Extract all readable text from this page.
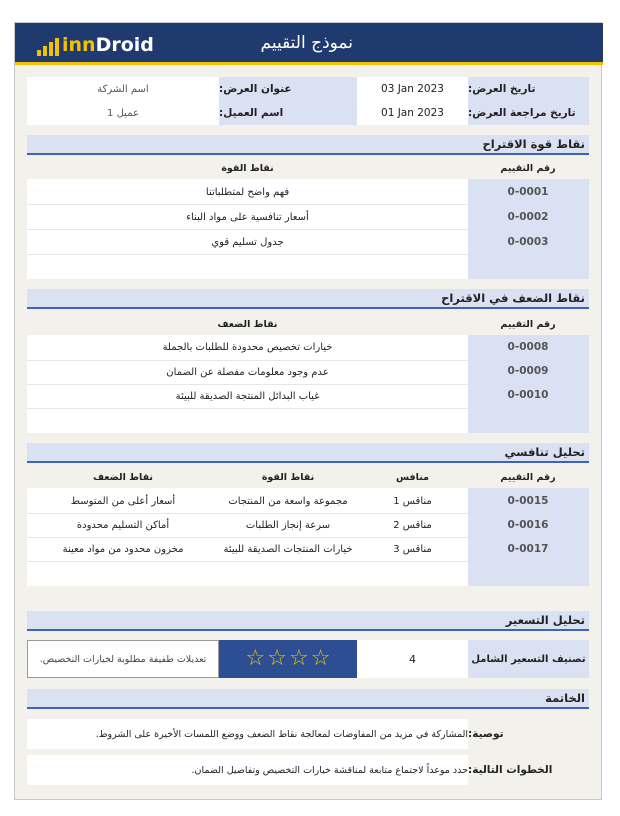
inn Droid	نموذج التقييم
تاريخ العرض:
03 Jan 2023
عنوان العرض:
اسم الشركة
تاريخ مراجعة العرض:
01 Jan 2023
اسم العميل:
عميل 1
نقاط قوة الاقتراح
رقم التقييم
نقاط القوة
0-0001
فهم واضح لمتطلباتنا
0-0002
أسعار تنافسية على مواد البناء
0-0003
جدول تسليم قوي
نقاط الضعف في الاقتراح
رقم التقييم
نقاط الضعف
0-0008
خيارات تخصيص محدودة للطلبات بالجملة
0-0009
عدم وجود معلومات مفصلة عن الضمان
0-0010
غياب البدائل المنتجة الصديقة للبيئة
تحليل تنافسي
رقم التقييم
منافس
نقاط القوة
نقاط الضعف
0-0015
مناقس 1
مجموعة واسعة من المنتجات
أسعار أعلى من المتوسط
0-0016
مناقس 2
سرعة إنجاز الطلبات
أماكن التسليم محدودة
0-0017
مناقس 3
خيارات المنتجات الصديقة للبيئة
مخزون محدود من مواد معينة
تحليل التسعير
تصنيف التسعير الشامل
4
☆ ☆ ☆ ☆
تعديلات طفيفة مطلوبة لخيارات التخصيص.
الخاتمة
توصية:
المشاركة في مزيد من المفاوضات لمعالجة نقاط الضعف ووضع اللمسات الأخيرة على الشروط.
الخطوات التالية:
حدد موعداً لاجتماع متابعة لمناقشة خيارات التخصيص وتفاصيل الضمان.
